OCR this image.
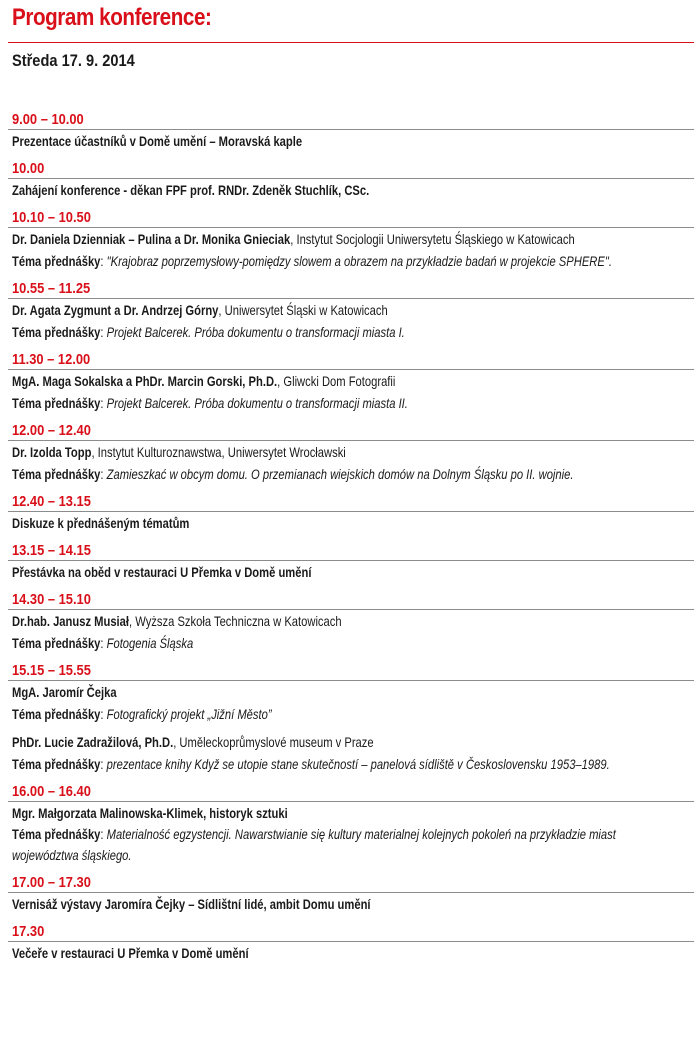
Program konference:
Středa 17. 9. 2014
9.00 – 10.00
Prezentace účastníků v Domě umění – Moravská kaple
10.00
Zahájení konference - děkan FPF prof. RNDr. Zdeněk Stuchlík, CSc.
10.10 – 10.50
Dr. Daniela Dzienniak – Pulina a Dr. Monika Gnieciak, Instytut Socjologii Uniwersytetu Śląskiego w Katowicach
Téma přednášky: "Krajobraz poprzemysłowy-pomiędzy slowem a obrazem na przykładzie badań w projekcie SPHERE".
10.55 – 11.25
Dr. Agata Zygmunt a Dr. Andrzej Górny, Uniwersytet Śląski w Katowicach
Téma přednášky: Projekt Balcerek. Próba dokumentu o transformacji miasta I.
11.30 – 12.00
MgA. Maga Sokalska a PhDr. Marcin Gorski, Ph.D., Gliwcki Dom Fotografii
Téma přednášky: Projekt Balcerek. Próba dokumentu o transformacji miasta II.
12.00 – 12.40
Dr. Izolda Topp, Instytut Kulturoznawstwa, Uniwersytet Wrocławski
Téma přednášky: Zamieszkać w obcym domu. O przemianach wiejskich domów na Dolnym Śląsku po II. wojnie.
12.40 – 13.15
Diskuze k přednášeným tématům
13.15 – 14.15
Přestávka na oběd v restauraci U Přemka v Domě umění
14.30 – 15.10
Dr.hab. Janusz Musiał, Wyższa Szkoła Techniczna w Katowicach
Téma přednášky: Fotogenia Śląska
15.15 – 15.55
MgA. Jaromír Čejka
Téma přednášky: Fotografický projekt „Jižní Město”
PhDr. Lucie Zadražilová, Ph.D., Uměleckoprůmyslové museum v Praze
Téma přednášky: prezentace knihy Když se utopie stane skutečností – panelová sídliště v Československu 1953–1989.
16.00 – 16.40
Mgr. Małgorzata Malinowska-Klimek, historyk sztuki
Téma přednášky: Materialność egzystencji. Nawarstwianie się kultury materialnej kolejnych pokoleń na przykładzie miast województwa śląskiego.
17.00 – 17.30
Vernisáž výstavy Jaromíra Čejky – Sídlištní lidé, ambit Domu umění
17.30
Večeře v restauraci U Přemka v Domě umění
